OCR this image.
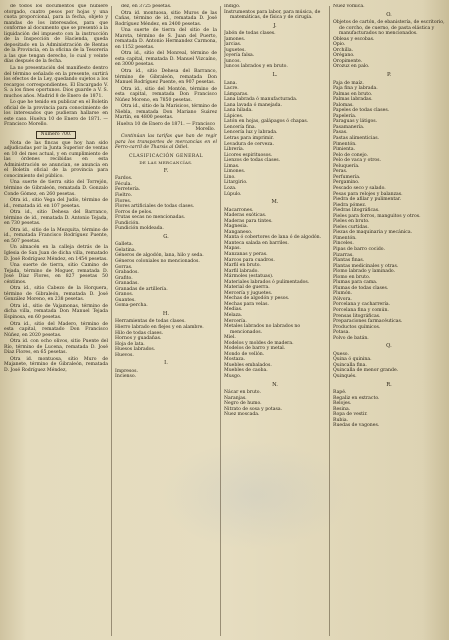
de todos los documentos que hubiere otorgado, cuatro pesos por hojas y una cuota proporcional, para la fecha, objeto y mandas de los interesados, para que conforme al documento que se presentó a la liquidación del impuesto con la instrucción de la Inspección de Hacienda, queda depositado en la Administración de Rentas de la Provincia, en la oficina de la Tesorería a las que tengan derecho, lo cual y veinte días después de la fecha.

La no presentación del manifiesto dentro del término señalado en la presente, surtirá los efectos de la Ley, quedando sujetos a los recargos correspondientes. El Encargado V. S. a los fines oportunos. Dios guarde a V. S. muchos años. Madrid 8 de Enero de 1871.

Lo que he tenido en publicar en el Boletín oficial de la provincia para conocimiento de los interesados que pudieran hallarse en este caso. Huelva 10 de Enero de 1871. — Francisco Morello.

Número 700.

Nota de las fincas que hoy han sido adjudicadas por la Junta Superior de ventas en 10 del mes actual, y en cumplimiento de las órdenes recibidas en esta Administración se anuncian, se anuncia en el Boletín oficial de la provincia para conocimiento del público.

Una suerte de tierra sitio del Torrejón, término de Gibraleón, rematada D. Gonzalo Conde Gómez, en 260 pesetas.

Otra id., sitio Vega del Judío, término de id., rematada id. en 107 pesetas.

Otra id., sitio Dehesa del Barranco, término de id., rematada D. Antonio Tejada, en 730 pesetas.

Otra id., sitio de la Mezquita, término de id., rematada Francisco Rodríguez Puente, en 507 pesetas.

Un almacén en la calleja detrás de la Iglesia de San Juan de dicha villa, rematado D. José Rodríguez Méndez, en 1454 pesetas.

Una suerte de tierra, sitio Camino de Tejada, término de Moguer, rematada D. José Díaz Flores, en 827 pesetas 50 céntimos.

Otra id., sitio Cabezo de la Horquera, término de Gibraleón, rematada D. José González Moreno, en 238 pesetas.

Otra id., sitio de Vajamonas, término de dicha villa, rematada Don Manuel Tejada Espinosa, en 60 pesetas.

Otra id., sitio del Madero, término de esta capital, rematado Don Francisco Núñez, en 2020 pesetas.

Otra id. con ocho olivos, sitio Puente del Río, término de Lucena, rematada D. José Díaz Flores, en 65 pesetas.

Otra id. montuosa, sitio Muro de Majanete, término de Gibraleón, rematada D. José Rodríguez Méndez,

dez, en 3725 pesetas.

Otra id. montuosa, sitio Muros de las Cañas, término de id., rematada D. José Rodríguez Méndez, en 2400 pesetas.

Una suerte de tierra del sitio de la Marota, término de S. Juan del Puerto, rematada D. Antonio Hermandez Carmona, en 1152 pesetas.

Otra id., sitio del Monreal, término de esta capital, rematada D. Manuel Vizcaíno, en 3000 pesetas.

Otra id., sitio Dehesa del Barranco, término de Gibraleón, rematada Don Manuel Rodríguez Puente, en 907 pesetas.

Otra id., sitio del Montón, término de esta capital, rematada Don Francisco Núñez Moreno, en 7850 pesetas.

Otra id., sitio de la Marisicos, término de Niebla, rematada Don Mariano Suárez Martín, en 4800 pesetas.

Huelva 10 de Enero de 1871. — Francisco Morello.

Continúan las tarifas que han de regir para los transportes de mercancías en el Ferro-carril de Tharsis al Odiel.

CLASIFICACIÓN GENERAL

DE LAS MERCANCÍAS.

F.

Fardos.

Fécula.

Ferretería.

Fieltro.

Flores.

Flores artificiales de todas clases.

Forros de pelos.

Frutas secas no mencionadas.

Fundición.

Fundición moldeada.

G.

Galleta.

Gelatina.

Géneros de algodón, lana, hilo y seda.

Géneros coloniales no mencionados.

Gorras.

Grabados.

Grafito.

Granadas.

Granadas de artillería.

Granos.

Guantes.

Goma-percha.

H.

Herramientas de todas clases.

Hierro labrado en flejes y en alambre.

Hilo de todas clases.

Hornos y guadañas.

Hoja de lata.

Huesos labrados.

Huevos.

I.

Impresos.

Incienso.

Índigo.

Instrumentos para labor, para música, de matemáticas, de física y de cirugía.

J.

Jabón de todas clases.

Jamones.

Jarcias.

Juguetes.

Joyería falsa.

Juncos.

Juncos labrados y en bruto.

L.

Lana.

Lacre.

Lámparas.

Lana labrada ó manufacturada.

Lana lavada ó manejada.

Lana hilada.

Lápices.

Latón en hojas, galápagos ó chapas.

Lencería fina.

Lencería luz y labrada.

Letras para imprimir.

Levadura de cerveza.

Librería.

Licores espirituosos.

Lienzos de todas clases.

Limas.

Limones.

Lino.

Litargirio.

Loza.

Lúpulo.

M.

Macarrones.

Maderas exóticas.

Maderas para tintes.

Magnesia.

Manganeso.

Manta ó cobertores de lana ó de algodón.

Manteca salada en barriles.

Mapas.

Manzanas y peras.

Marcos para cuadros.

Marfil en bruto.

Marfil labrado.

Mármoles (estatuas).

Materiales labrados ó pulimentados.

Material de guerra.

Mercería y juguetes.

Mechas de algodón y pesos.

Mechas para velas.

Medias.

Melaza.

Mercería.

Metales labrados no labrados no mencionados.

Miel.

Modelos y moldes de madera.

Modelos de barro y metal.

Mondo de vellón.

Mostaza.

Muebles embalados.

Muebles de caoba.

Musgo.

N.

Nácar en bruto.

Naranjas.

Negro de humo.

Nitrato de sosa y potasa.

Nuez moscada.

Nuez vómica.

O.

Objetos de cartón, de ebanistería, de escritorio, de corcho, de cuerno, de pasta elástica y manufacturados no mencionados.

Obleas y escobas.

Opio.

Orchilla.

Orégano.

Oropimente.

Orozuz en palo.

P.

Paja de maíz.

Paja fina y labrada.

Palmas en bruto.

Palmas labradas.

Palomas.

Papeles de todas clases.

Papelería.

Paraguas y látigos.

Pasamanería.

Pasas.

Pastas alimenticias.

Pimentón.

Pimienta.

Pelo de conejo.

Pelo de vaca y otros.

Peluquería.

Peras.

Perfumería.

Pergamino.

Pescado seco y salado.

Pesas para relojes y balanzas.

Piedra de afilar y pulimentar.

Piedra pómez.

Piedras litográficas.

Pieles para forros, manguitos y otros.

Pieles en bruto.

Pieles curtidas.

Piezas de maquinaria y mecánica.

Pimentón.

Pinceles.

Pipas de barro cocido.

Pizarras.

Plantas finas.

Plantas medicinales y otras.

Plomo labrado y laminado.

Plomo en bruto.

Plumas para cama.

Plumas de todas clases.

Plumón.

Pólvora.

Porcelana y cacharrería.

Porcelana fina y común.

Prensas litográficas.

Preparaciones farmacéuticas.

Productos químicos.

Potasa.

Polvo de batán.

Q.

Queso.

Quina ó quinina.

Quincalla fina.

Quincalla de menor grande.

Quinqués.

R.

Rapé.

Regaliz en extracto.

Relojes.

Resina.

Ropa de vestir.

Rubia.

Ruedas de vagones.
